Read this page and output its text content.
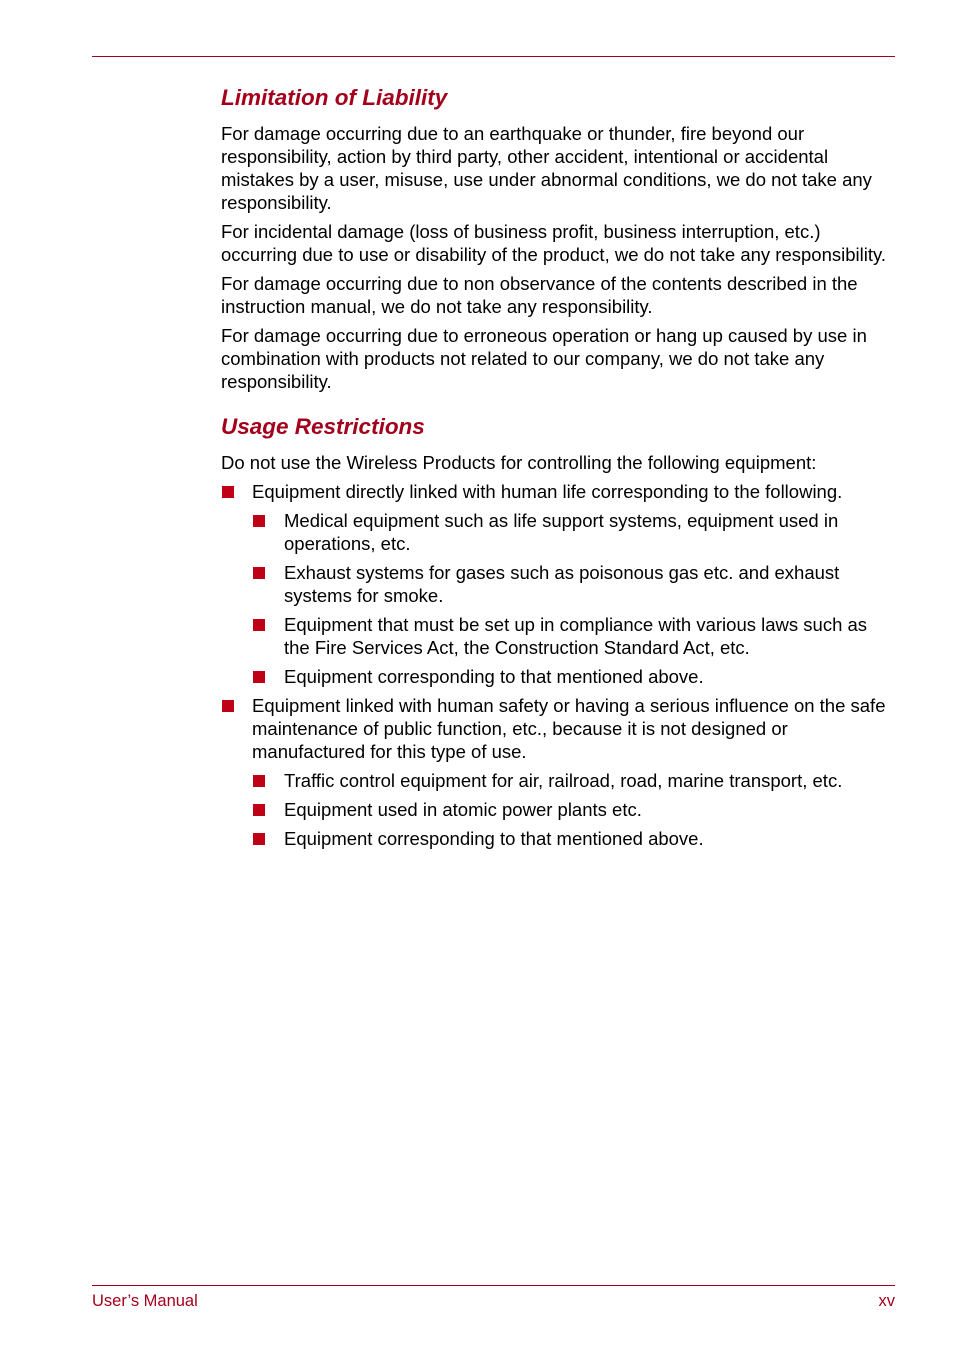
Limitation of Liability

For damage occurring due to an earthquake or thunder, fire beyond our responsibility, action by third party, other accident, intentional or accidental mistakes by a user, misuse, use under abnormal conditions, we do not take any responsibility.

For incidental damage (loss of business profit, business interruption, etc.) occurring due to use or disability of the product, we do not take any responsibility.

For damage occurring due to non observance of the contents described in the instruction manual, we do not take any responsibility.

For damage occurring due to erroneous operation or hang up caused by use in combination with products not related to our company, we do not take any responsibility.

Usage Restrictions

Do not use the Wireless Products for controlling the following equipment:

Equipment directly linked with human life corresponding to the following.
Medical equipment such as life support systems, equipment used in operations, etc.
Exhaust systems for gases such as poisonous gas etc. and exhaust systems for smoke.
Equipment that must be set up in compliance with various laws such as the Fire Services Act, the Construction Standard Act, etc.
Equipment corresponding to that mentioned above.
Equipment linked with human safety or having a serious influence on the safe maintenance of public function, etc., because it is not designed or manufactured for this type of use.
Traffic control equipment for air, railroad, road, marine transport, etc.
Equipment used in atomic power plants etc.
Equipment corresponding to that mentioned above.
User’s Manual	xv
